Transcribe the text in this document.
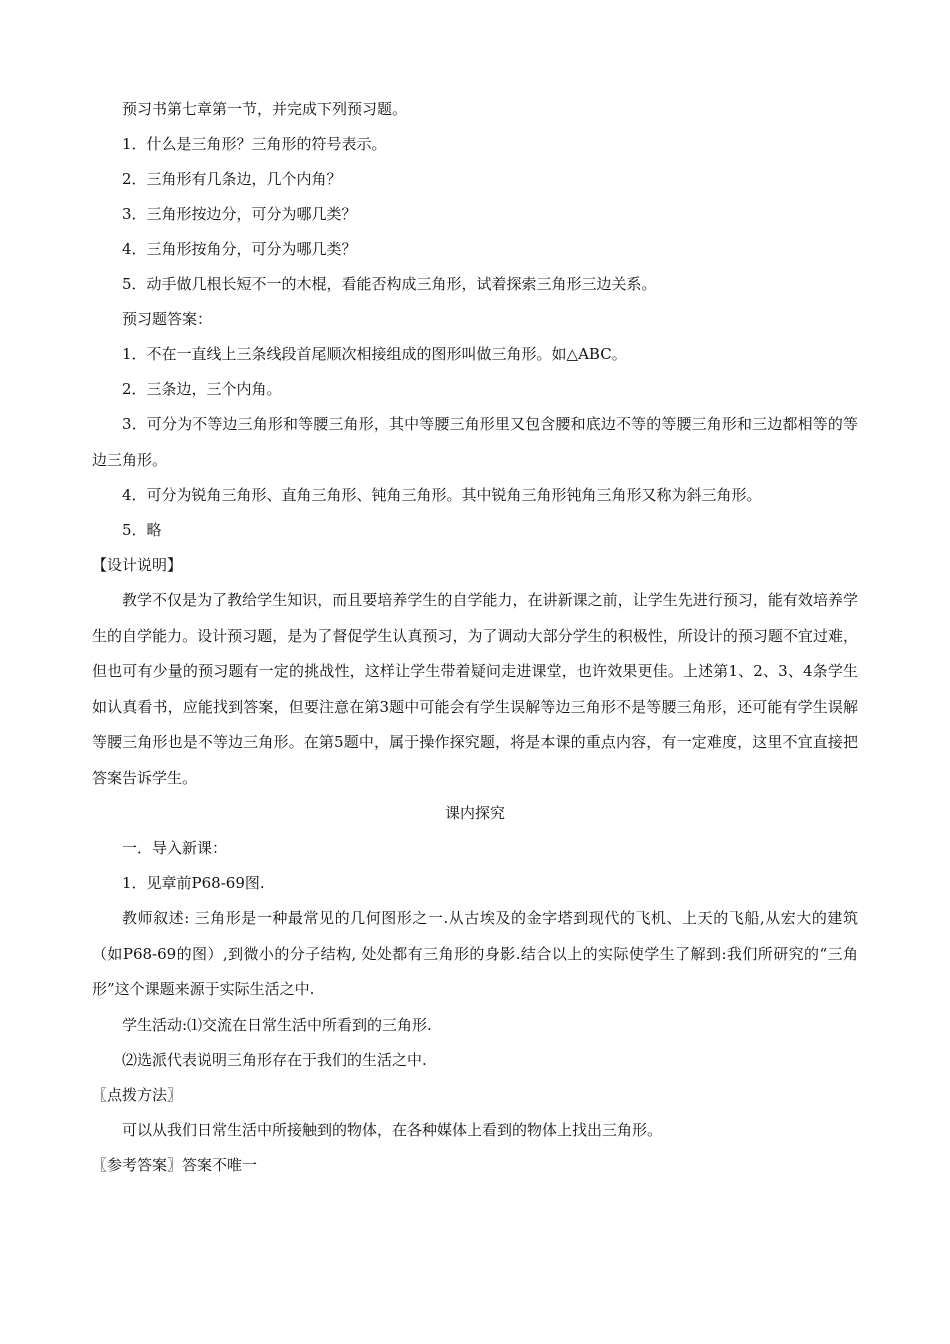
预习书第七章第一节，并完成下列预习题。

1．什么是三角形？三角形的符号表示。

2．三角形有几条边，几个内角？

3．三角形按边分，可分为哪几类？

4．三角形按角分，可分为哪几类？

5．动手做几根长短不一的木棍，看能否构成三角形，试着探索三角形三边关系。

预习题答案：

1．不在一直线上三条线段首尾顺次相接组成的图形叫做三角形。如△ABC。

2．三条边，三个内角。

3．可分为不等边三角形和等腰三角形，其中等腰三角形里又包含腰和底边不等的等腰三角形和三边都相等的等边三角形。

4．可分为锐角三角形、直角三角形、钝角三角形。其中锐角三角形钝角三角形又称为斜三角形。

5．略

【设计说明】

教学不仅是为了教给学生知识，而且要培养学生的自学能力，在讲新课之前，让学生先进行预习，能有效培养学生的自学能力。设计预习题，是为了督促学生认真预习，为了调动大部分学生的积极性，所设计的预习题不宜过难，但也可有少量的预习题有一定的挑战性，这样让学生带着疑问走进课堂，也许效果更佳。上述第1、2、3、4条学生如认真看书，应能找到答案，但要注意在第3题中可能会有学生误解等边三角形不是等腰三角形，还可能有学生误解等腰三角形也是不等边三角形。在第5题中，属于操作探究题，将是本课的重点内容，有一定难度，这里不宜直接把答案告诉学生。

课内探究

一．导入新课：

1．见章前P68-69图.

教师叙述: 三角形是一种最常见的几何图形之一.从古埃及的金字塔到现代的飞机、上天的飞船,从宏大的建筑（如P68-69的图）,到微小的分子结构, 处处都有三角形的身影.结合以上的实际使学生了解到:我们所研究的“三角形”这个课题来源于实际生活之中.

学生活动:⑴交流在日常生活中所看到的三角形.

⑵选派代表说明三角形存在于我们的生活之中.

〖点拨方法〗

可以从我们日常生活中所接触到的物体，在各种媒体上看到的物体上找出三角形。

〖参考答案〗答案不唯一
